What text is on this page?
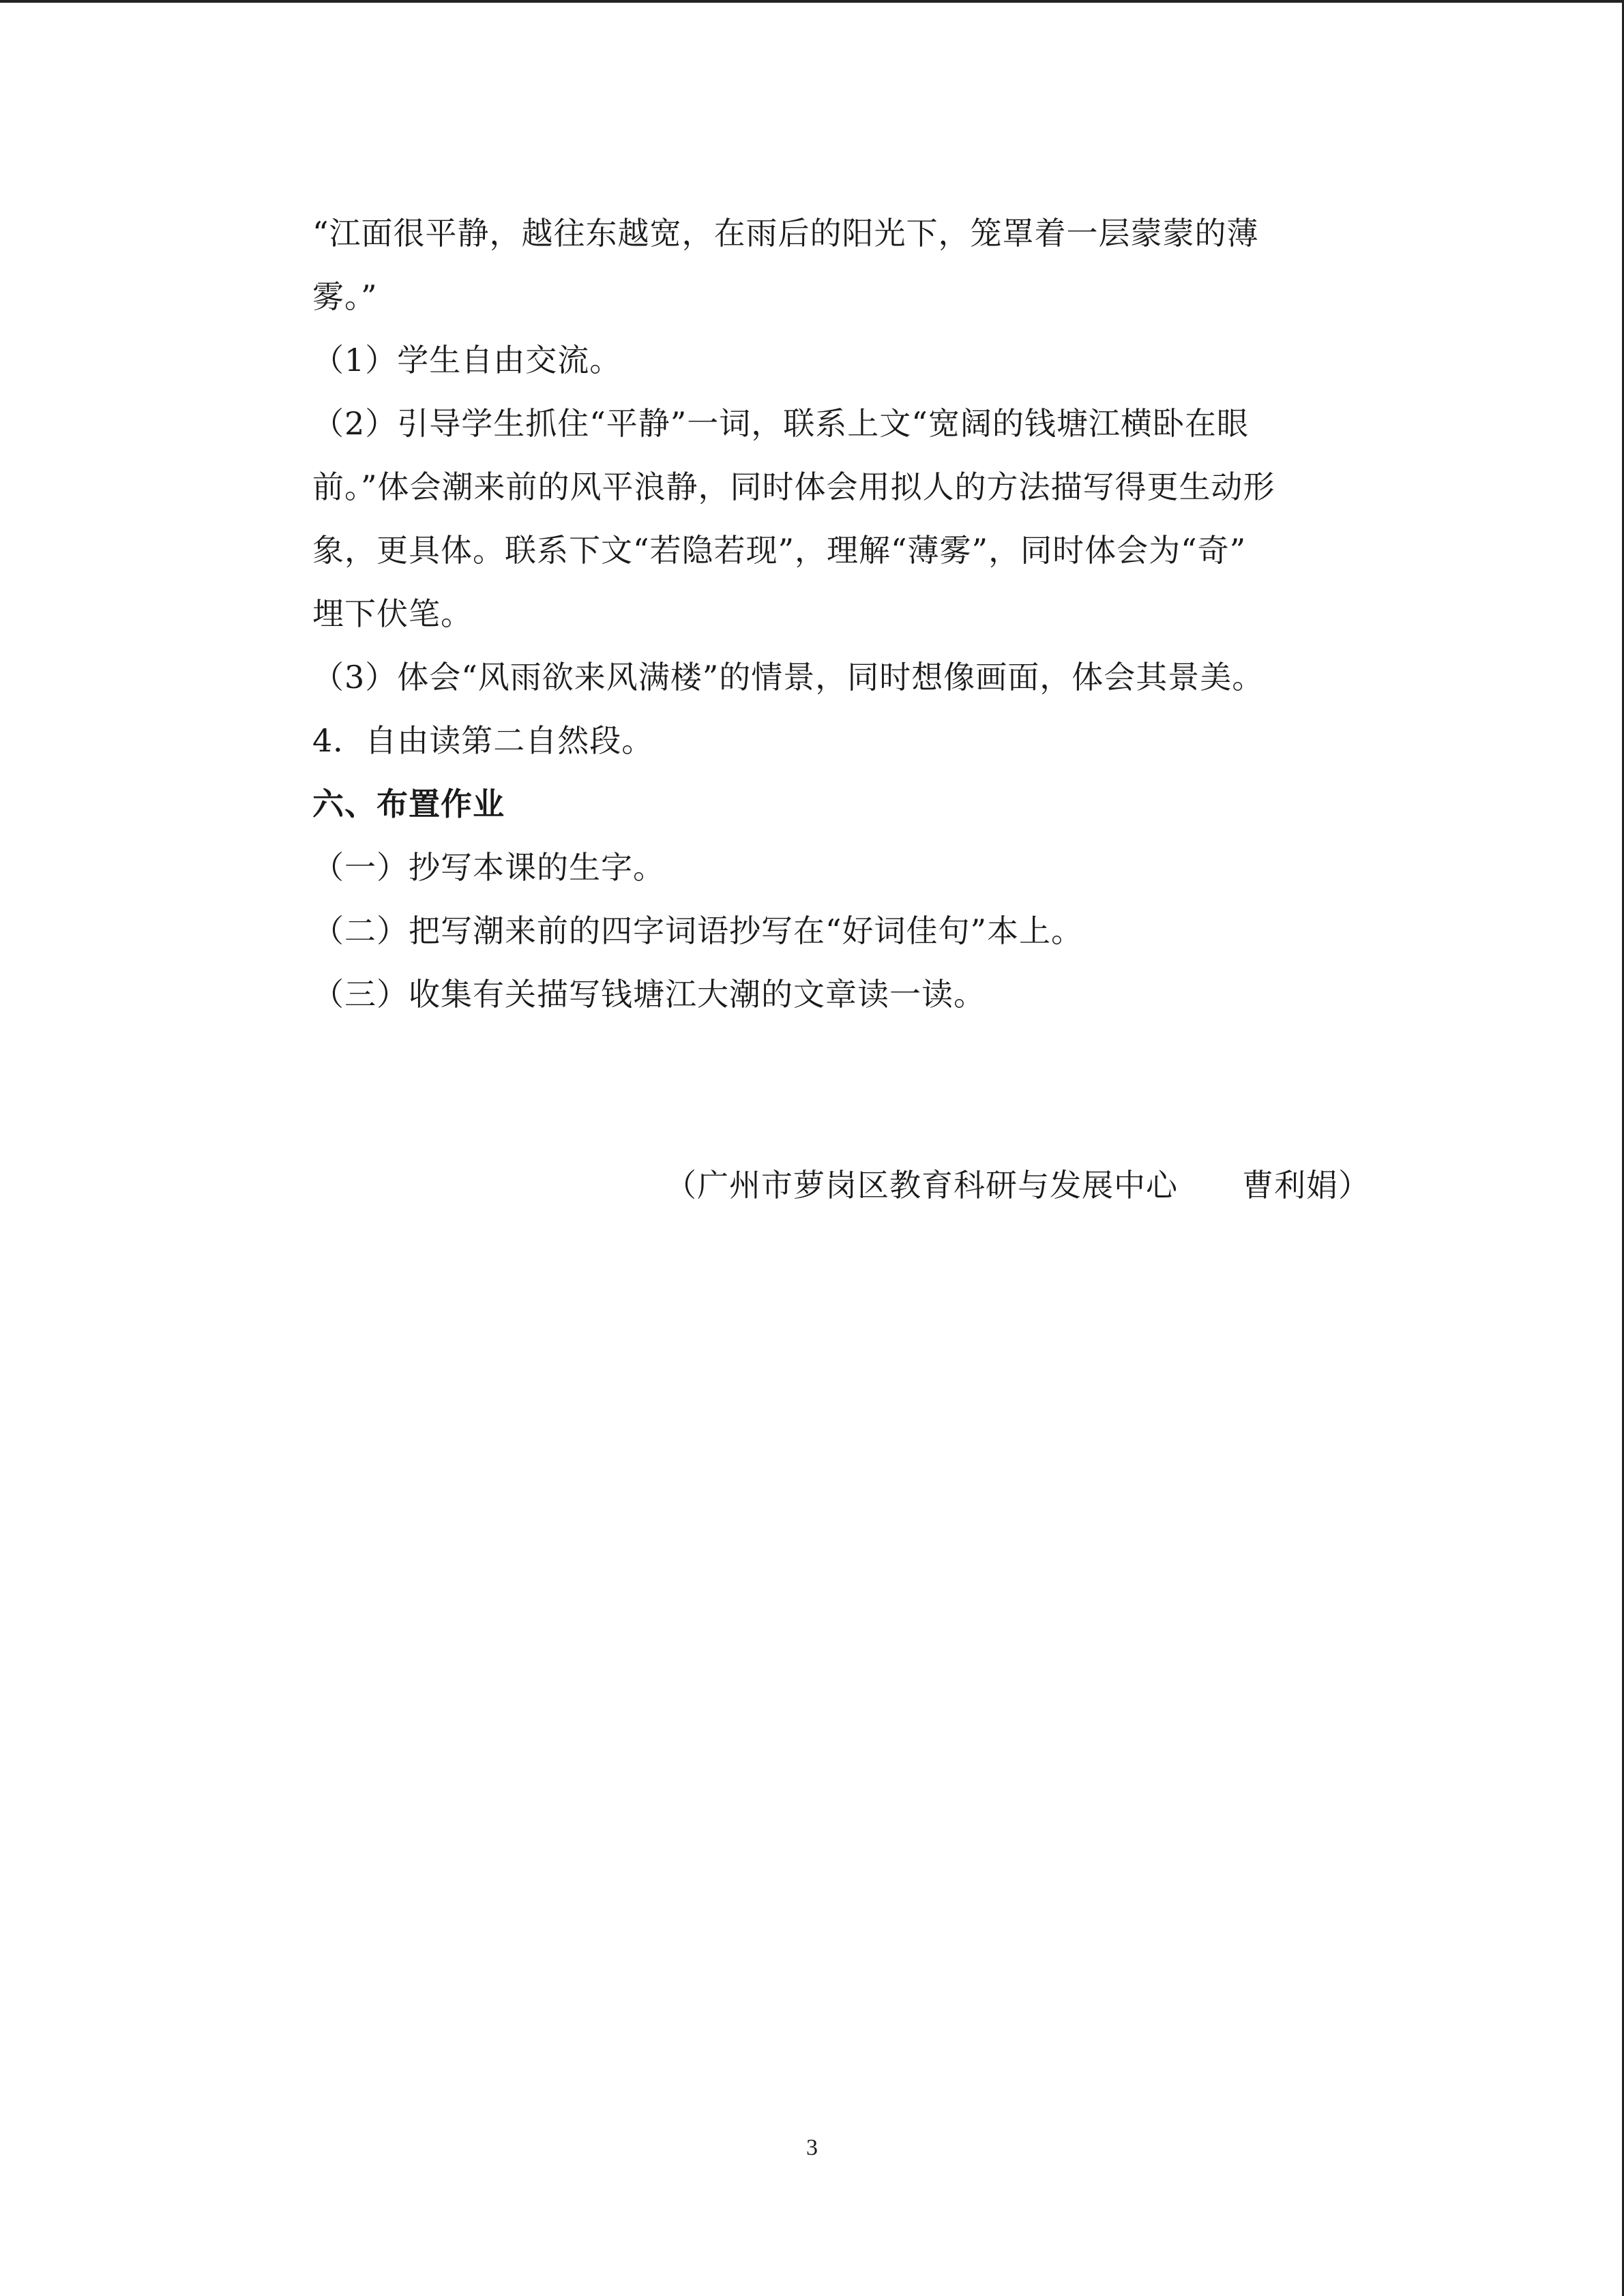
“江面很平静，越往东越宽，在雨后的阳光下，笼罩着一层蒙蒙的薄
雾。”
（1）学生自由交流。
（2）引导学生抓住“平静”一词，联系上文“宽阔的钱塘江横卧在眼
前。”体会潮来前的风平浪静，同时体会用拟人的方法描写得更生动形
象，更具体。联系下文“若隐若现”，理解“薄雾”，同时体会为“奇”
埋下伏笔。
（3）体会“风雨欲来风满楼”的情景，同时想像画面，体会其景美。
4．自由读第二自然段。
六、布置作业
（一）抄写本课的生字。
（二）把写潮来前的四字词语抄写在“好词佳句”本上。
（三）收集有关描写钱塘江大潮的文章读一读。
（广州市萝岗区教育科研与发展中心　　曹利娟）
3
